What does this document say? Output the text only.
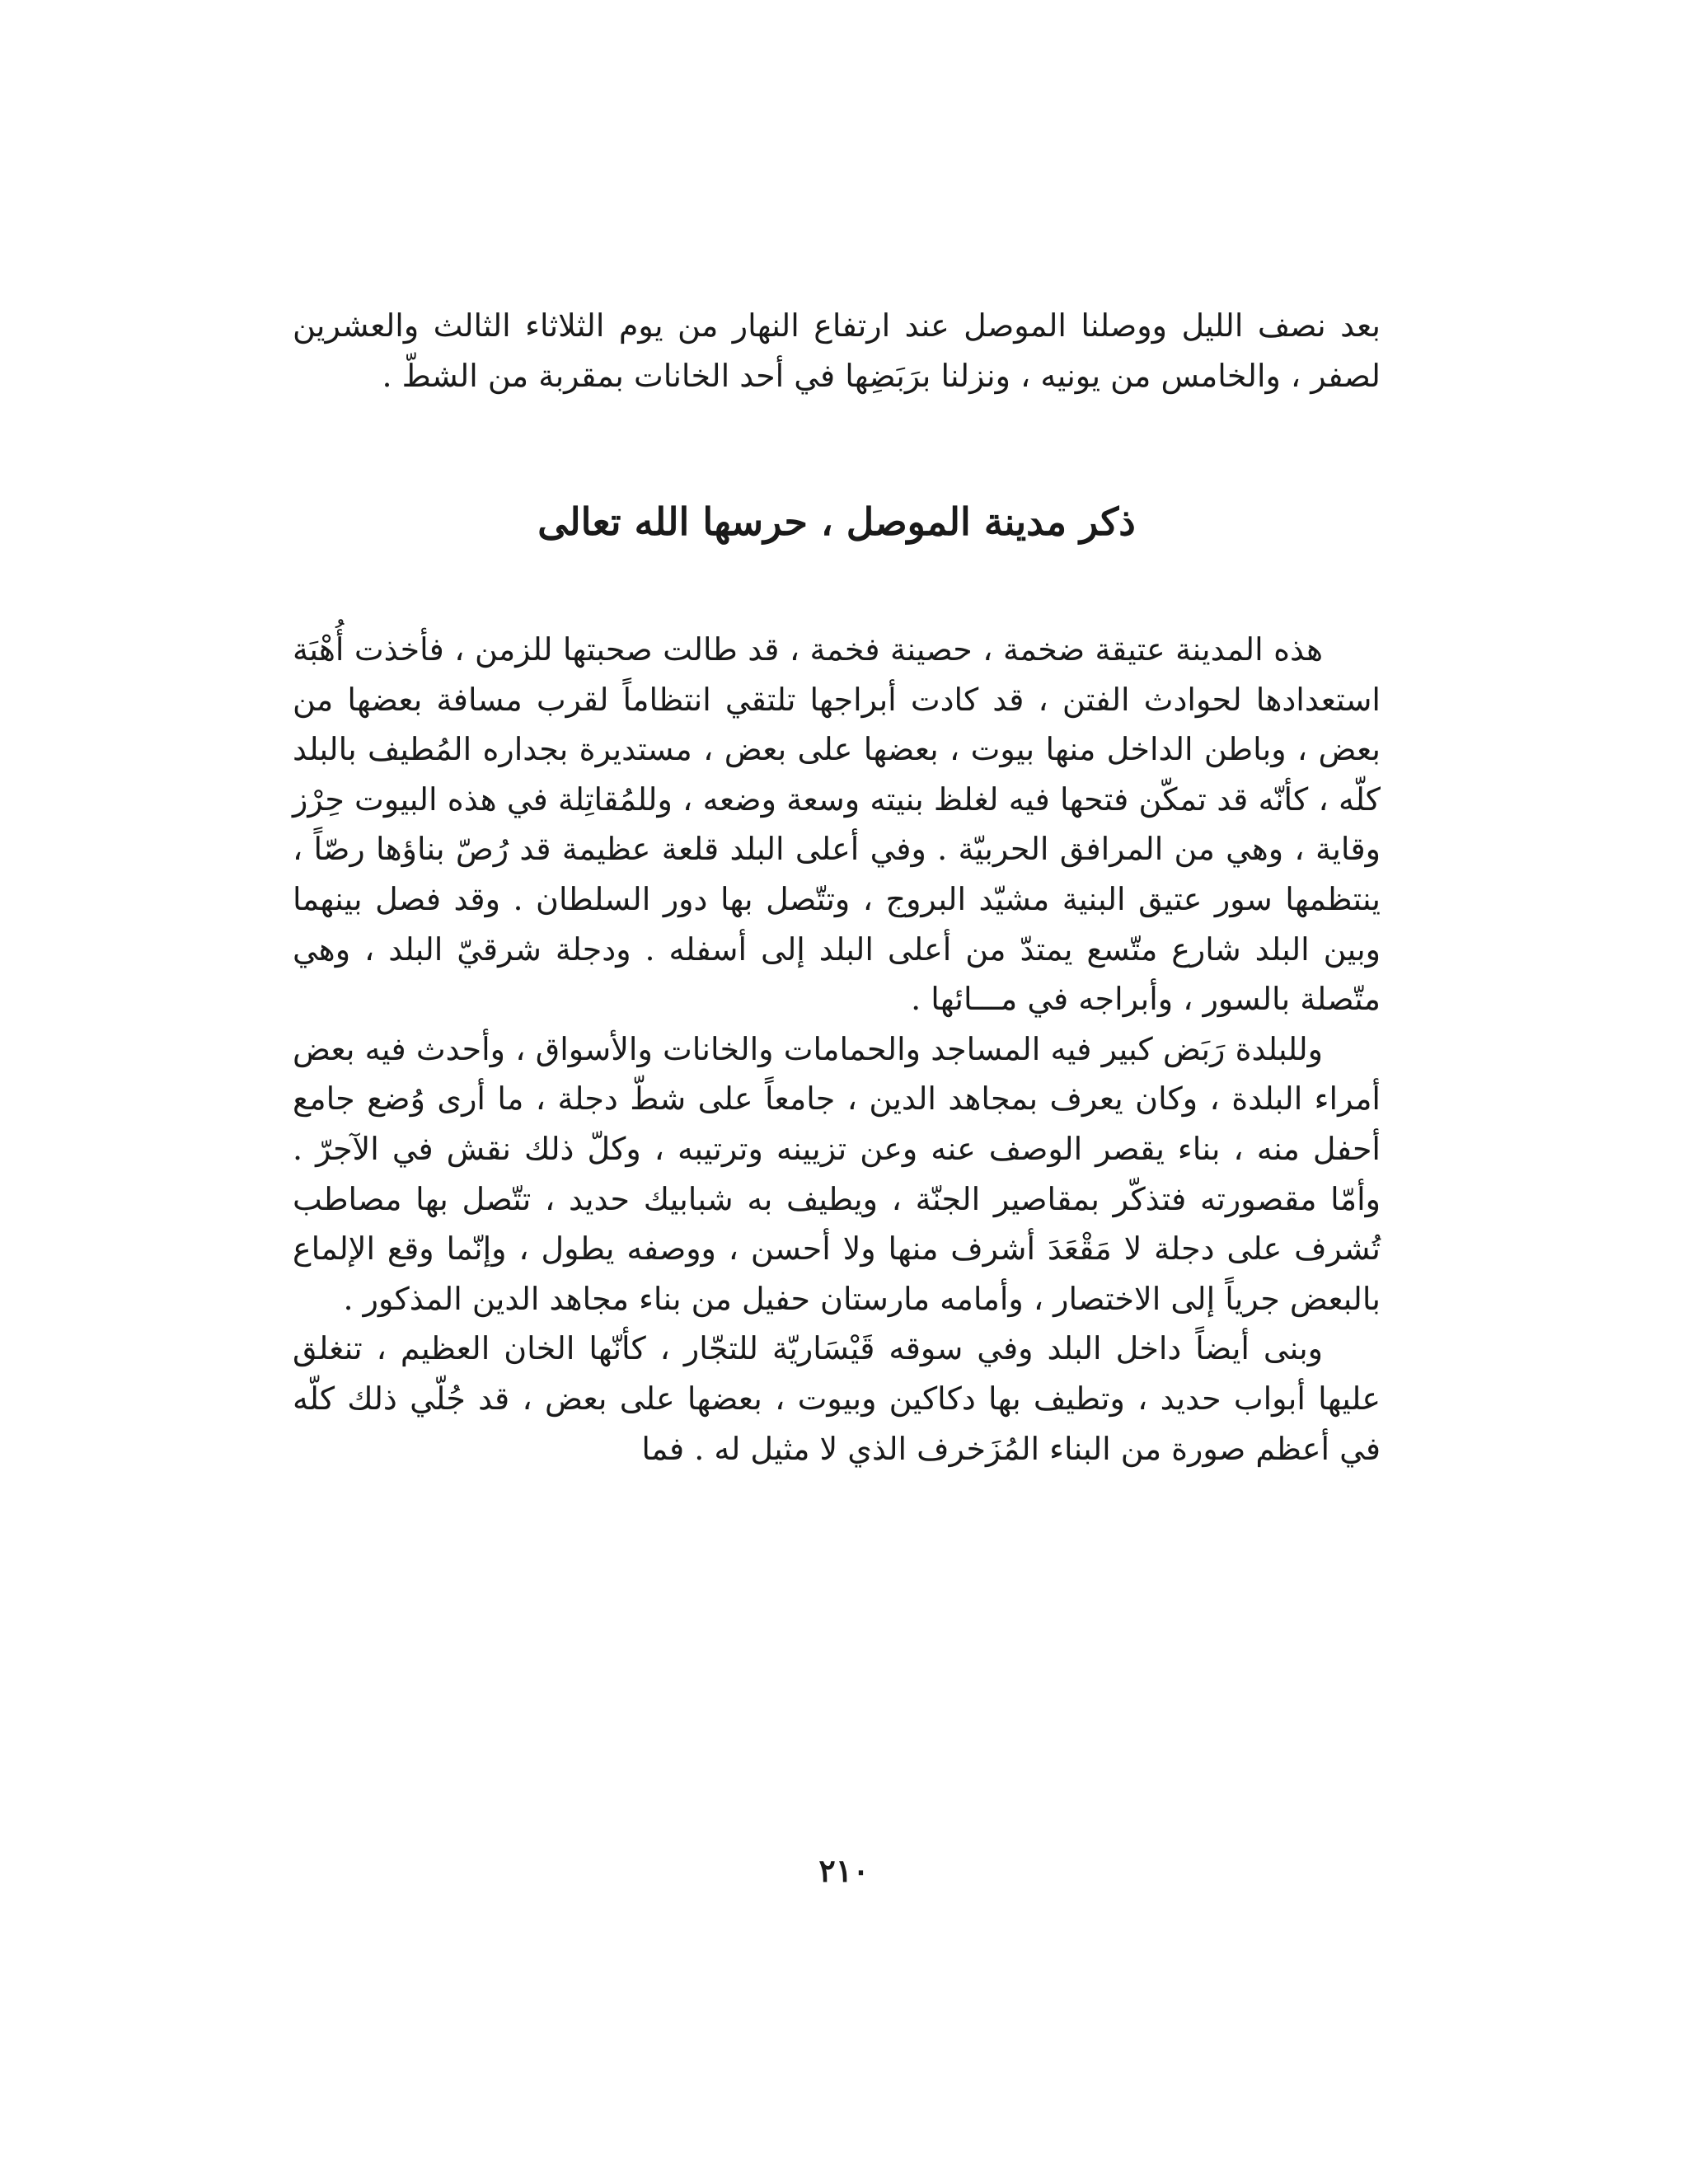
بعد نصف الليل ووصلنا الموصل عند ارتفاع النهار من يوم الثلاثاء الثالث والعشرين لصفر ، والخامس من يونيه ، ونزلنا برَبَضِها في أحد الخانات بمقربة من الشطّ .

ذكر مدينة الموصل ، حرسها الله تعالى

هذه المدينة عتيقة ضخمة ، حصينة فخمة ، قد طالت صحبتها للزمن ، فأخذت أُهْبَة استعدادها لحوادث الفتن ، قد كادت أبراجها تلتقي انتظاماً لقرب مسافة بعضها من بعض ، وباطن الداخل منها بيوت ، بعضها على بعض ، مستديرة بجداره المُطيف بالبلد كلّه ، كأنّه قد تمكّن فتحها فيه لغلظ بنيته وسعة وضعه ، وللمُقاتِلة في هذه البيوت حِرْز وقاية ، وهي من المرافق الحربيّة . وفي أعلى البلد قلعة عظيمة قد رُصّ بناؤها رصّاً ، ينتظمها سور عتيق البنية مشيّد البروج ، وتتّصل بها دور السلطان . وقد فصل بينهما وبين البلد شارع متّسع يمتدّ من أعلى البلد إلى أسفله . ودجلة شرقيّ البلد ، وهي متّصلة بالسور ، وأبراجه في مـــائها .

وللبلدة رَبَض كبير فيه المساجد والحمامات والخانات والأسواق ، وأحدث فيه بعض أمراء البلدة ، وكان يعرف بمجاهد الدين ، جامعاً على شطّ دجلة ، ما أرى وُضع جامع أحفل منه ، بناء يقصر الوصف عنه وعن تزيينه وترتيبه ، وكلّ ذلك نقش في الآجرّ . وأمّا مقصورته فتذكّر بمقاصير الجنّة ، ويطيف به شبابيك حديد ، تتّصل بها مصاطب تُشرف على دجلة لا مَقْعَدَ أشرف منها ولا أحسن ، ووصفه يطول ، وإنّما وقع الإلماع بالبعض جرياً إلى الاختصار ، وأمامه مارستان حفيل من بناء مجاهد الدين المذكور .

وبنى أيضاً داخل البلد وفي سوقه قَيْسَاريّة للتجّار ، كأنّها الخان العظيم ، تنغلق عليها أبواب حديد ، وتطيف بها دكاكين وبيوت ، بعضها على بعض ، قد جُلّي ذلك كلّه في أعظم صورة من البناء المُزَخرف الذي لا مثيل له . فما

٢١٠
